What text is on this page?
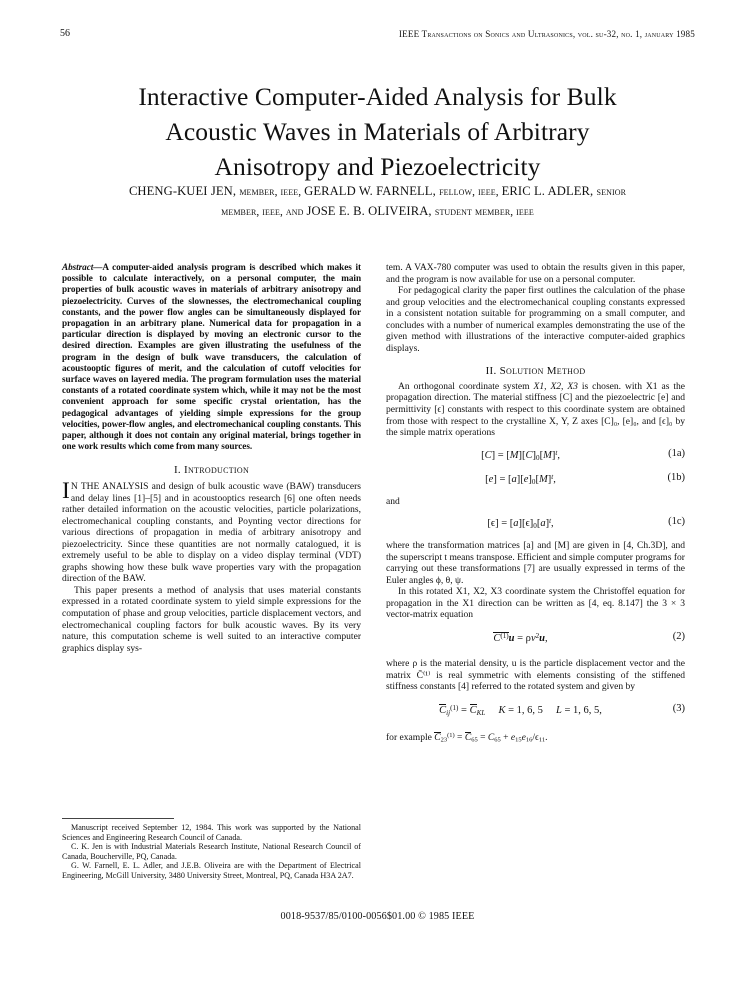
56	IEEE Transactions on Sonics and Ultrasonics, vol. su-32, no. 1, january 1985
Interactive Computer-Aided Analysis for Bulk
Acoustic Waves in Materials of Arbitrary
Anisotropy and Piezoelectricity
CHENG-KUEI JEN, member, ieee, GERALD W. FARNELL, fellow, ieee, ERIC L. ADLER, senior
member, ieee, and JOSE E. B. OLIVEIRA, student member, ieee
Abstract—A computer-aided analysis program is described which makes it possible to calculate interactively, on a personal computer, the main properties of bulk acoustic waves in materials of arbitrary anisotropy and piezoelectricity. Curves of the slownesses, the electromechanical coupling constants, and the power flow angles can be simultaneously displayed for propagation in an arbitrary plane. Numerical data for propagation in a particular direction is displayed by moving an electronic cursor to the desired direction. Examples are given illustrating the usefulness of the program in the design of bulk wave transducers, the calculation of acoustooptic figures of merit, and the calculation of cutoff velocities for surface waves on layered media. The program formulation uses the material constants of a rotated coordinate system which, while it may not be the most convenient approach for some specific crystal orientation, has the pedagogical advantages of yielding simple expressions for the group velocities, power-flow angles, and electromechanical coupling constants. This paper, although it does not contain any original material, brings together in one work results which come from many sources.
I. Introduction
I N THE ANALYSIS and design of bulk acoustic wave (BAW) transducers and delay lines [1]–[5] and in acoustooptics research [6] one often needs rather detailed information on the acoustic velocities, particle polarizations, electromechanical coupling constants, and Poynting vector directions for various directions of propagation in media of arbitrary anisotropy and piezoelectricity. Since these quantities are not normally catalogued, it is extremely useful to be able to display on a video display terminal (VDT) graphs showing how these bulk wave properties vary with the propagation direction of the BAW.

This paper presents a method of analysis that uses material constants expressed in a rotated coordinate system to yield simple expressions for the computation of phase and group velocities, particle displacement vectors, and electromechanical coupling factors for bulk acoustic waves. By its very nature, this computation scheme is well suited to an interactive computer graphics display sys-

tem. A VAX-780 computer was used to obtain the results given in this paper, and the program is now available for use on a personal computer.

For pedagogical clarity the paper first outlines the calculation of the phase and group velocities and the electromechanical coupling constants expressed in a consistent notation suitable for programming on a small computer, and concludes with a number of numerical examples demonstrating the use of the given method with illustrations of the interactive computer-aided graphics displays.

II. Solution Method

An orthogonal coordinate system X1, X2, X3 is chosen. with X1 as the propagation direction. The material stiffness [C] and the piezoelectric [e] and permittivity [ϵ] constants with respect to this coordinate system are obtained from those with respect to the crystalline X, Y, Z axes [C]₀, [e]₀, and [ϵ]₀ by the simple matrix operations

$[C] = [M][C]_0[M]^t$,	(1a)
$[e] = [a][e]_0[M]^t$,	(1b)

and

$[\epsilon] = [a][\epsilon]_0[a]^t$,	(1c)

where the transformation matrices [a] and [M] are given in [4, Ch.3D], and the superscript t means transpose. Efficient and simple computer programs for carrying out these transformations [7] are usually expressed in terms of the Euler angles ϕ, θ, ψ.

In this rotated X1, X2, X3 coordinate system the Christoffel equation for propagation in the X1 direction can be written as [4, eq. 8.147] the 3 × 3 vector-matrix equation

$C^{(1)}u = \rho v^2u$,	(2)

where ρ is the material density, u is the particle displacement vector and the matrix C̄⁽¹⁾ is real symmetric with elements consisting of the stiffened stiffness constants [4] referred to the rotated system and given by

$C_{ij}^{(1)} = C_{KL}$ K = 1, 6, 5     L = 1, 6, 5,	(3)

for example $C_{23}^{(1)} = C_{65} = C_{65} + e_{15}e_{16}/\epsilon_{11}$.

Manuscript received September 12, 1984. This work was supported by the National Sciences and Engineering Research Council of Canada.

C. K. Jen is with Industrial Materials Research Institute, National Research Council of Canada, Boucherville, PQ, Canada.

G. W. Farnell, E. L. Adler, and J.E.B. Oliveira are with the Department of Electrical Engineering, McGill University, 3480 University Street, Montreal, PQ, Canada H3A 2A7.

0018-9537/85/0100-0056$01.00 © 1985 IEEE
